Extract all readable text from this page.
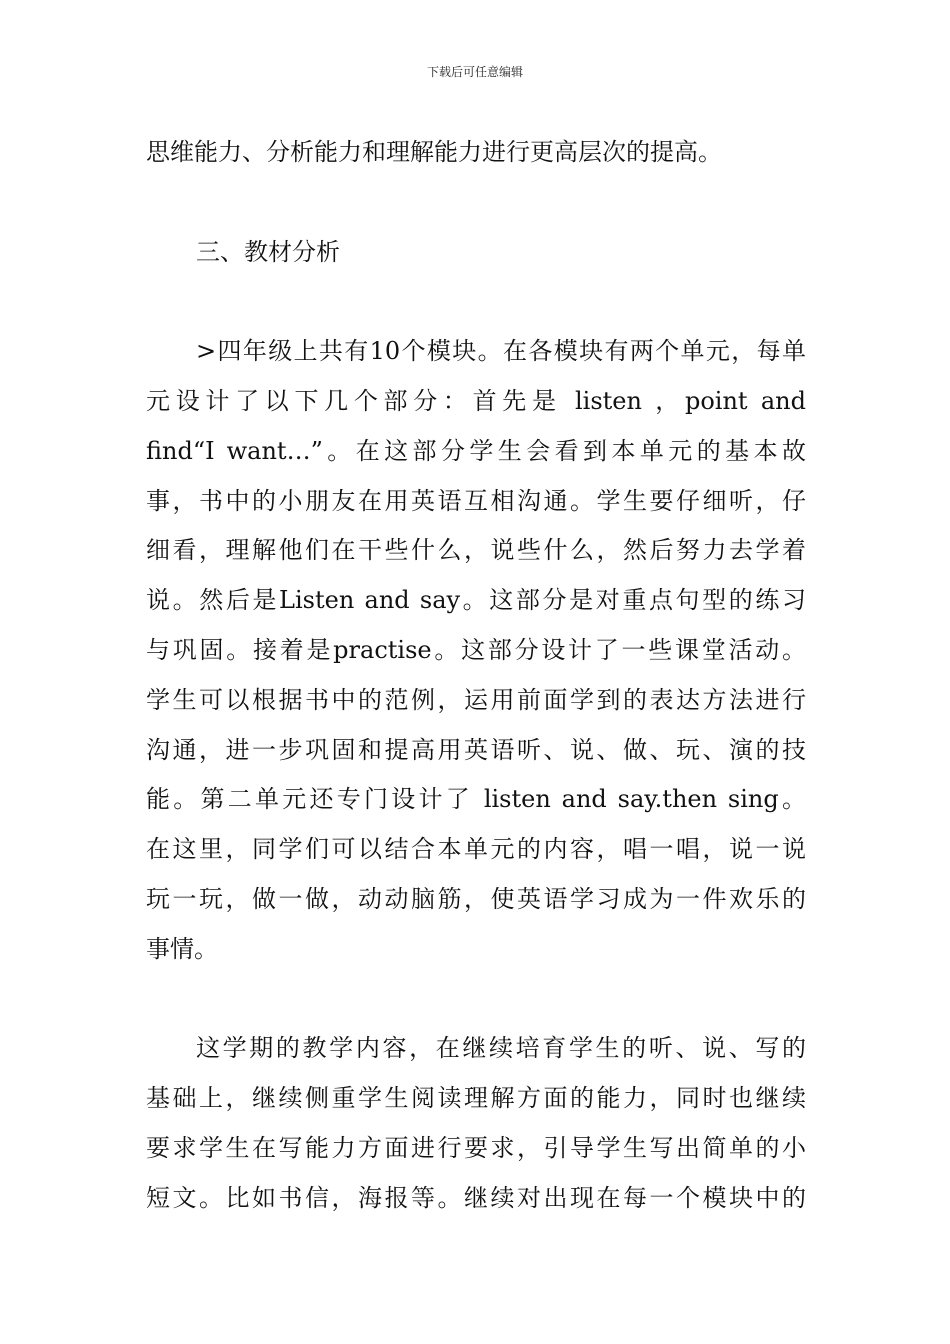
下载后可任意编辑
思维能力、分析能力和理解能力进行更高层次的提高。
三、教材分析
>四年级上共有10个模块。在各模块有两个单元，每单
元设计了以下几个部分：首先是 listen ，point and
find“I want…”。在这部分学生会看到本单元的基本故
事，书中的小朋友在用英语互相沟通。学生要仔细听，仔
细看，理解他们在干些什么，说些什么，然后努力去学着
说。然后是Listen and say。这部分是对重点句型的练习
与巩固。接着是practise。这部分设计了一些课堂活动。
学生可以根据书中的范例，运用前面学到的表达方法进行
沟通，进一步巩固和提高用英语听、说、做、玩、演的技
能。第二单元还专门设计了 listen and say.then sing。
在这里，同学们可以结合本单元的内容，唱一唱，说一说
玩一玩，做一做，动动脑筋，使英语学习成为一件欢乐的
事情。
这学期的教学内容，在继续培育学生的听、说、写的
基础上，继续侧重学生阅读理解方面的能力，同时也继续
要求学生在写能力方面进行要求，引导学生写出简单的小
短文。比如书信，海报等。继续对出现在每一个模块中的
